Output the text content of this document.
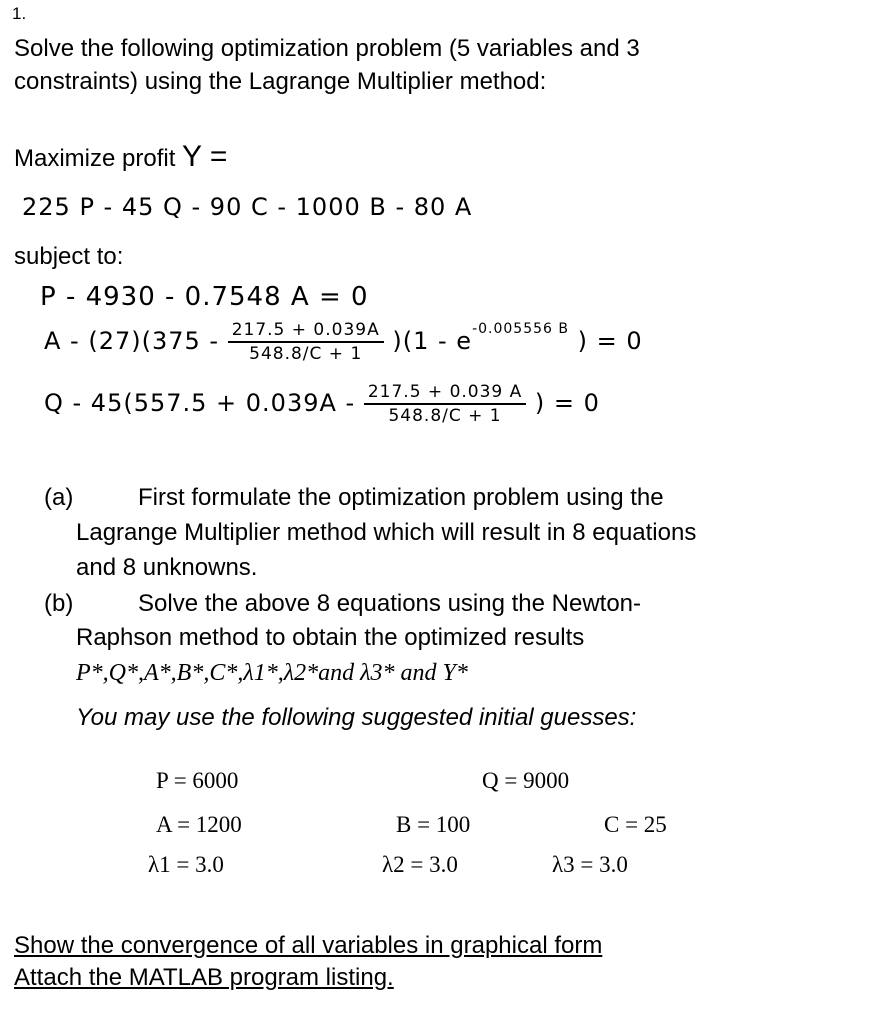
1.
Solve the following optimization problem (5 variables and 3
constraints) using the Lagrange Multiplier method:
Maximize profit Y =
225 P - 45 Q - 90 C - 1000 B - 80 A
subject to:
P - 4930 - 0.7548 A = 0
A - $(27)(375 - \frac{217.5 + 0.039A}{548.8/C + 1} )(1 - e^{-0.005556 B}$ ) = 0
$Q - 45(557.5 + 0.039A - \frac{217.5 + 0.039 A}{548.8/C + 1}$ ) = 0
(a)	First formulate the optimization problem using the
Lagrange Multiplier method which will result in 8 equations
and 8 unknowns.
(b)	Solve the above 8 equations using the Newton-
Raphson method to obtain the optimized results
P*,Q*,A*,B*,C*,λ1*,λ2*and λ3* and Y*
You may use the following suggested initial guesses:
P = 6000	Q = 9000
A = 1200	B = 100	C = 25
λ1 = 3.0	λ2 = 3.0	λ3 = 3.0
Show the convergence of all variables in graphical form
Attach the MATLAB program listing.
